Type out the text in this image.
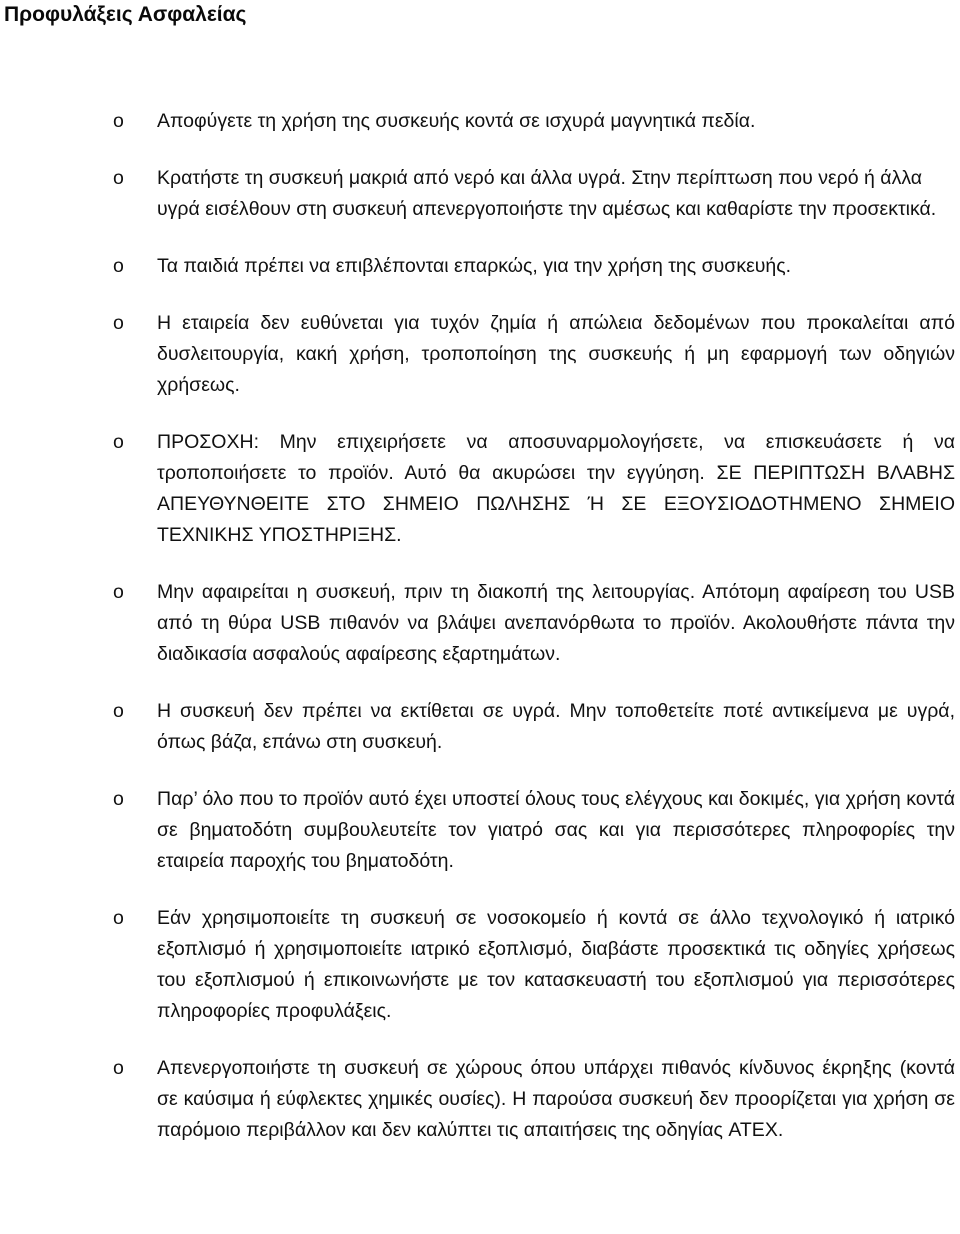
Προφυλάξεις Ασφαλείας
o Αποφύγετε τη χρήση της συσκευής κοντά σε ισχυρά μαγνητικά πεδία.

o Κρατήστε τη συσκευή μακριά από νερό και άλλα υγρά. Στην περίπτωση που νερό ή άλλα υγρά εισέλθουν στη συσκευή απενεργοποιήστε την αμέσως και καθαρίστε την προσεκτικά.

o Τα παιδιά πρέπει να επιβλέπονται επαρκώς, για την χρήση της συσκευής.

o Η εταιρεία δεν ευθύνεται για τυχόν ζημία ή απώλεια δεδομένων που προκαλείται από δυσλειτουργία, κακή χρήση, τροποποίηση της συσκευής ή μη εφαρμογή των οδηγιών χρήσεως.

o ΠΡΟΣΟΧΗ: Μην επιχειρήσετε να αποσυναρμολογήσετε, να επισκευάσετε ή να τροποποιήσετε το προϊόν. Αυτό θα ακυρώσει την εγγύηση. ΣΕ ΠΕΡΙΠΤΩΣΗ ΒΛΑΒΗΣ ΑΠΕΥΘΥΝΘΕΙΤΕ ΣΤΟ ΣΗΜΕΙΟ ΠΩΛΗΣΗΣ Ή ΣΕ ΕΞΟΥΣΙΟΔΟΤΗΜΕΝΟ ΣΗΜΕΙΟ ΤΕΧΝΙΚΗΣ ΥΠΟΣΤΗΡΙΞΗΣ.

o Μην αφαιρείται η συσκευή, πριν τη διακοπή της λειτουργίας. Απότομη αφαίρεση του USB από τη θύρα USB πιθανόν να βλάψει ανεπανόρθωτα το προϊόν. Ακολουθήστε πάντα την διαδικασία ασφαλούς αφαίρεσης εξαρτημάτων.

o Η συσκευή δεν πρέπει να εκτίθεται σε υγρά. Μην τοποθετείτε ποτέ αντικείμενα με υγρά, όπως βάζα, επάνω στη συσκευή.

o Παρ’ όλο που το προϊόν αυτό έχει υποστεί όλους τους ελέγχους και δοκιμές, για χρήση κοντά σε βηματοδότη συμβουλευτείτε τον γιατρό σας και για περισσότερες πληροφορίες την εταιρεία παροχής του βηματοδότη.

o Εάν χρησιμοποιείτε τη συσκευή σε νοσοκομείο ή κοντά σε άλλο τεχνολογικό ή ιατρικό εξοπλισμό ή χρησιμοποιείτε ιατρικό εξοπλισμό, διαβάστε προσεκτικά τις οδηγίες χρήσεως του εξοπλισμού ή επικοινωνήστε με τον κατασκευαστή του εξοπλισμού για περισσότερες πληροφορίες προφυλάξεις.

o Απενεργοποιήστε τη συσκευή σε χώρους όπου υπάρχει πιθανός κίνδυνος έκρηξης (κοντά σε καύσιμα ή εύφλεκτες χημικές ουσίες). Η παρούσα συσκευή δεν προορίζεται για χρήση σε παρόμοιο περιβάλλον και δεν καλύπτει τις απαιτήσεις της οδηγίας ATEX.
